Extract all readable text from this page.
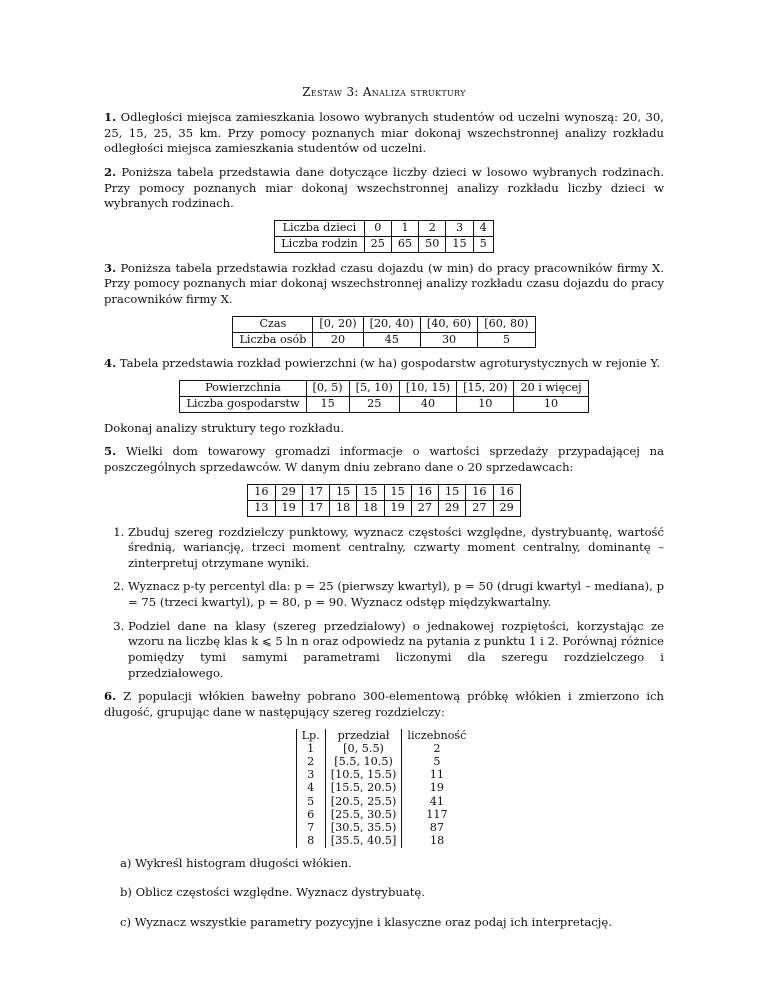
Zestaw 3: Analiza struktury

1. Odległości miejsca zamieszkania losowo wybranych studentów od uczelni wynoszą: 20, 30, 25, 15, 25, 35 km. Przy pomocy poznanych miar dokonaj wszechstronnej analizy rozkładu odległości miejsca zamieszkania studentów od uczelni.

2. Poniższa tabela przedstawia dane dotyczące liczby dzieci w losowo wybranych rodzinach. Przy pomocy poznanych miar dokonaj wszechstronnej analizy rozkładu liczby dzieci w wybranych rodzinach.

Liczba dzieci	0	1	2	3	4
Liczba rodzin	25	65	50	15	5

3. Poniższa tabela przedstawia rozkład czasu dojazdu (w min) do pracy pracowników firmy X. Przy pomocy poznanych miar dokonaj wszechstronnej analizy rozkładu czasu dojazdu do pracy pracowników firmy X.

Czas	[0, 20)	[20, 40)	[40, 60)	[60, 80)
Liczba osób	20	45	30	5

4. Tabela przedstawia rozkład powierzchni (w ha) gospodarstw agroturystycznych w rejonie Y.

Powierzchnia	[0, 5)	[5, 10)	[10, 15)	[15, 20)	20 i więcej
Liczba gospodarstw	15	25	40	10	10

Dokonaj analizy struktury tego rozkładu.

5. Wielki dom towarowy gromadzi informacje o wartości sprzedaży przypadającej na poszczególnych sprzedawców. W danym dniu zebrano dane o 20 sprzedawcach:

16	29	17	15	15	15	16	15	16	16
13	19	17	18	18	19	27	29	27	29
1. Zbuduj szereg rozdzielczy punktowy, wyznacz częstości względne, dystrybuantę, wartość średnią, wariancję, trzeci moment centralny, czwarty moment centralny, dominantę – zinterpretuj otrzymane wyniki.
2. Wyznacz p-ty percentyl dla: p = 25 (pierwszy kwartyl), p = 50 (drugi kwartyl – mediana), p = 75 (trzeci kwartyl), p = 80, p = 90. Wyznacz odstęp międzykwartalny.
3. Podziel dane na klasy (szereg przedziałowy) o jednakowej rozpiętości, korzystając ze wzoru na liczbę klas k ⩽ 5 ln n oraz odpowiedz na pytania z punktu 1 i 2. Porównaj różnice pomiędzy tymi samymi parametrami liczonymi dla szeregu rozdzielczego i przedziałowego.

6. Z populacji włókien bawełny pobrano 300-elementową próbkę włókien i zmierzono ich długość, grupując dane w następujący szereg rozdzielczy:

Lp.	przedział	liczebność
1	[0, 5.5)	2
2	[5.5, 10.5)	5
3	[10.5, 15.5)	11
4	[15.5, 20.5)	19
5	[20.5, 25.5)	41
6	[25.5, 30.5)	117
7	[30.5, 35.5)	87
8	[35.5, 40.5]	18
a) Wykreśl histogram długości włókien.
b) Oblicz częstości względne. Wyznacz dystrybuatę.
c) Wyznacz wszystkie parametry pozycyjne i klasyczne oraz podaj ich interpretację.
